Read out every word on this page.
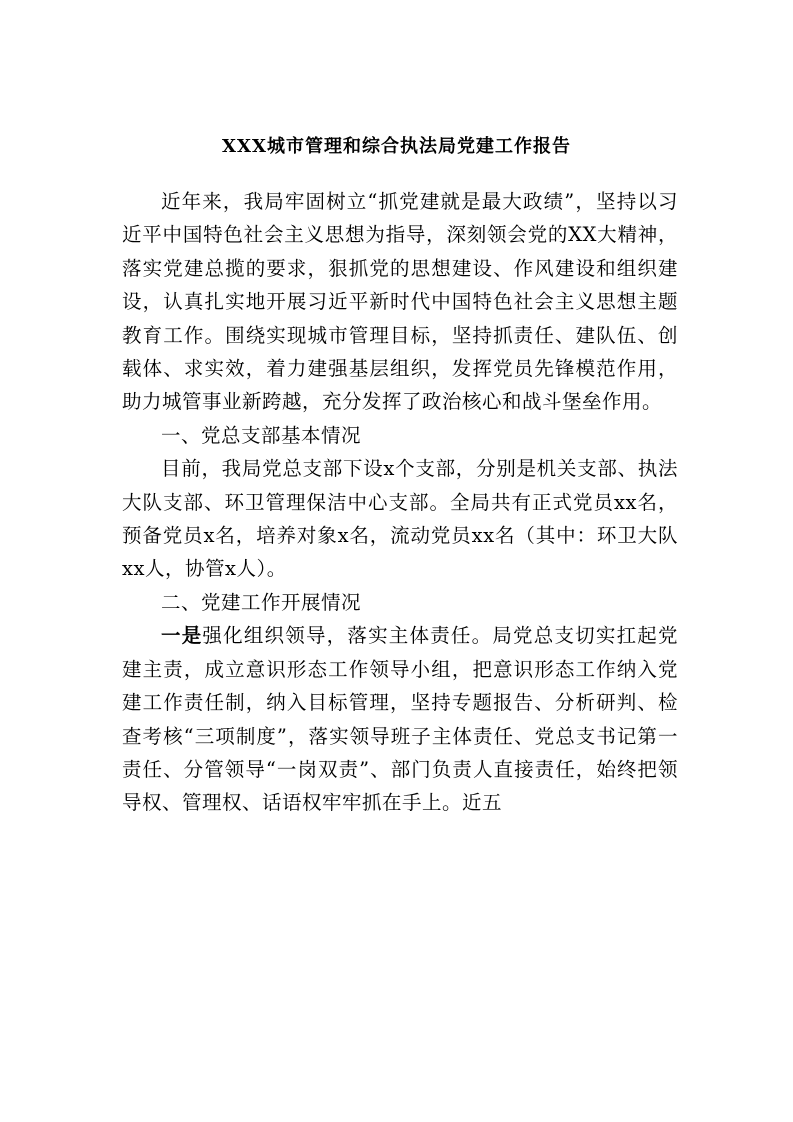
XXX城市管理和综合执法局党建工作报告

近年来，我局牢固树立“抓党建就是最大政绩”，坚持以习近平中国特色社会主义思想为指导，深刻领会党的XX大精神，落实党建总揽的要求，狠抓党的思想建设、作风建设和组织建设，认真扎实地开展习近平新时代中国特色社会主义思想主题教育工作。围绕实现城市管理目标，坚持抓责任、建队伍、创载体、求实效，着力建强基层组织，发挥党员先锋模范作用，助力城管事业新跨越，充分发挥了政治核心和战斗堡垒作用。

一、党总支部基本情况

目前，我局党总支部下设x个支部，分别是机关支部、执法大队支部、环卫管理保洁中心支部。全局共有正式党员xx名，预备党员x名，培养对象x名，流动党员xx名（其中：环卫大队xx人，协管x人）。

二、党建工作开展情况

一是强化组织领导，落实主体责任。局党总支切实扛起党建主责，成立意识形态工作领导小组，把意识形态工作纳入党建工作责任制，纳入目标管理，坚持专题报告、分析研判、检查考核“三项制度”，落实领导班子主体责任、党总支书记第一责任、分管领导“一岗双责”、部门负责人直接责任，始终把领导权、管理权、话语权牢牢抓在手上。近五
